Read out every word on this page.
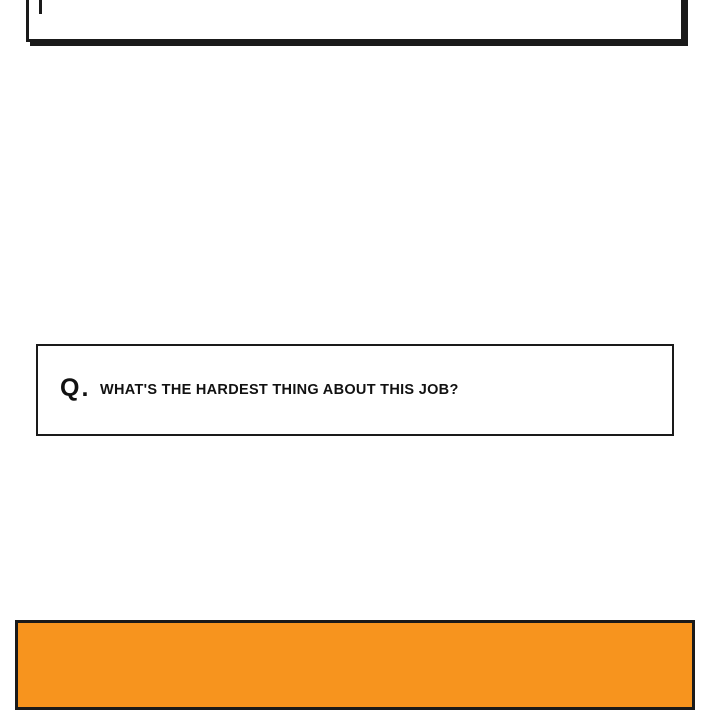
Q. WHAT'S THE HARDEST THING ABOUT THIS JOB?
